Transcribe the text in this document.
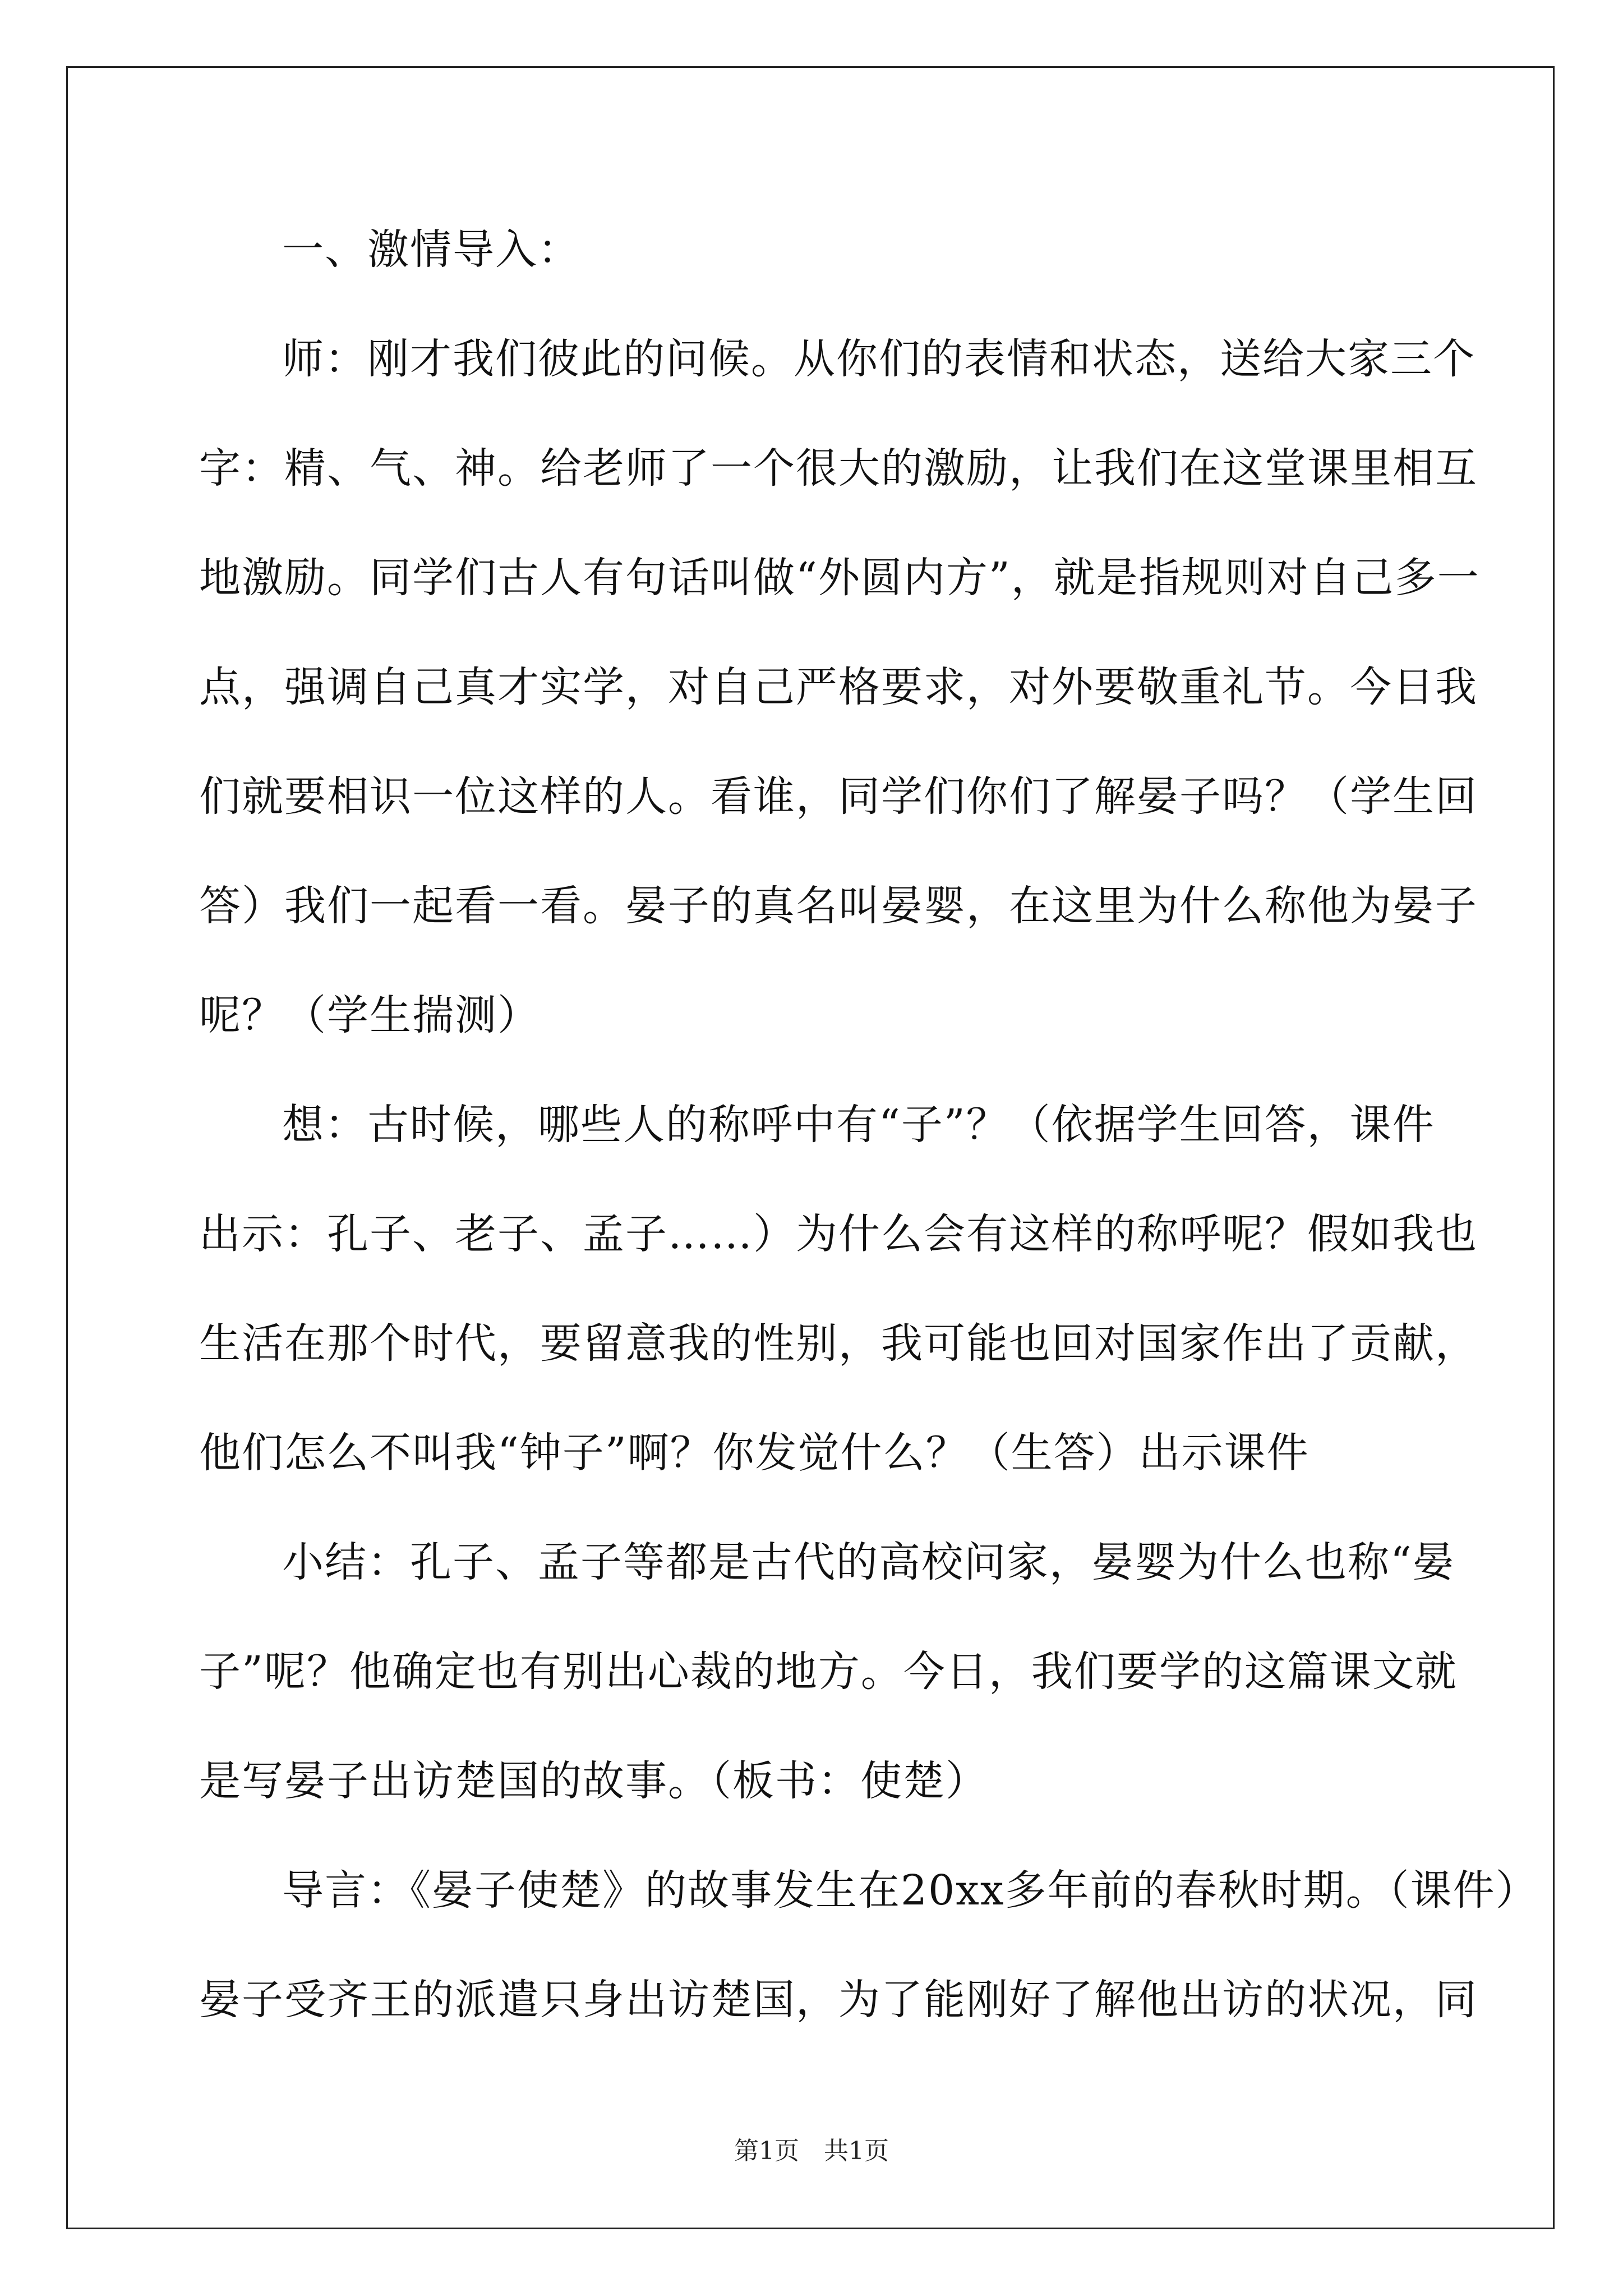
一、激情导入：
师：刚才我们彼此的问候。从你们的表情和状态，送给大家三个
字：精、气、神。给老师了一个很大的激励，让我们在这堂课里相互
地激励。同学们古人有句话叫做“外圆内方”，就是指规则对自己多一
点，强调自己真才实学，对自己严格要求，对外要敬重礼节。今日我
们就要相识一位这样的人。看谁，同学们你们了解晏子吗？（学生回
答）我们一起看一看。晏子的真名叫晏婴，在这里为什么称他为晏子
呢？（学生揣测）
想：古时候，哪些人的称呼中有“子”？（依据学生回答，课件
出示：孔子、老子、孟子……）为什么会有这样的称呼呢？假如我也
生活在那个时代，要留意我的性别，我可能也回对国家作出了贡献，
他们怎么不叫我“钟子”啊？你发觉什么？（生答）出示课件
小结：孔子、孟子等都是古代的高校问家，晏婴为什么也称“晏
子”呢？他确定也有别出心裁的地方。今日，我们要学的这篇课文就
是写晏子出访楚国的故事。（板书：使楚）
导言：《晏子使楚》的故事发生在20xx多年前的春秋时期。（课件）
晏子受齐王的派遣只身出访楚国，为了能刚好了解他出访的状况，同
第1页　共1页
